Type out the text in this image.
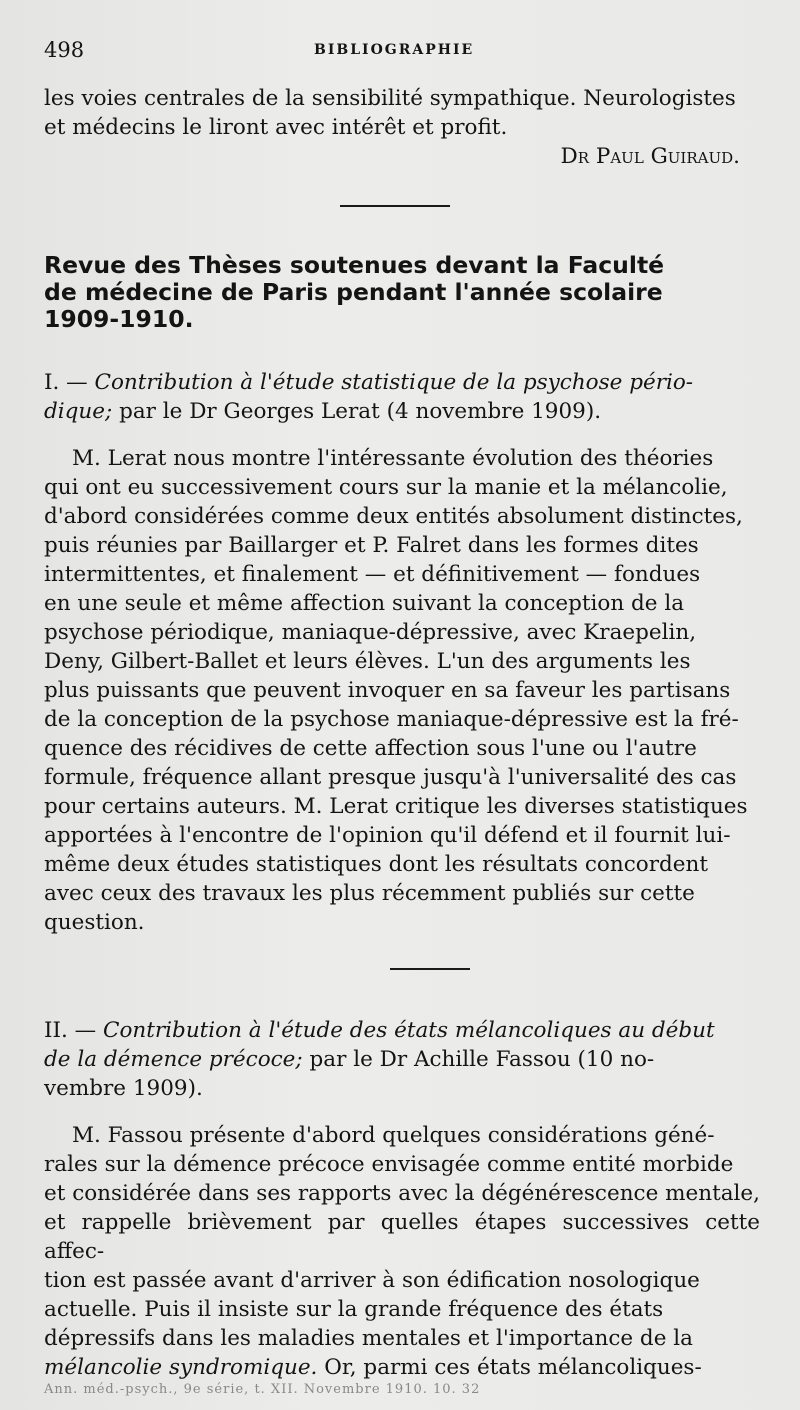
498	BIBLIOGRAPHIE

les voies centrales de la sensibilité sympathique. Neurologistes

et médecins le liront avec intérêt et profit.

Dr Paul Guiraud.

Revue des Thèses soutenues devant la Faculté

de médecine de Paris pendant l'année scolaire

1909-1910.

I. — Contribution à l'étude statistique de la psychose pério-

dique; par le Dr Georges Lerat (4 novembre 1909).

M. Lerat nous montre l'intéressante évolution des théories

qui ont eu successivement cours sur la manie et la mélancolie,

d'abord considérées comme deux entités absolument distinctes,

puis réunies par Baillarger et P. Falret dans les formes dites

intermittentes, et finalement — et définitivement — fondues

en une seule et même affection suivant la conception de la

psychose périodique, maniaque-dépressive, avec Kraepelin,

Deny, Gilbert-Ballet et leurs élèves. L'un des arguments les

plus puissants que peuvent invoquer en sa faveur les partisans

de la conception de la psychose maniaque-dépressive est la fré-

quence des récidives de cette affection sous l'une ou l'autre

formule, fréquence allant presque jusqu'à l'universalité des cas

pour certains auteurs. M. Lerat critique les diverses statistiques

apportées à l'encontre de l'opinion qu'il défend et il fournit lui-

même deux études statistiques dont les résultats concordent

avec ceux des travaux les plus récemment publiés sur cette

question.

II. — Contribution à l'étude des états mélancoliques au début

de la démence précoce; par le Dr Achille Fassou (10 no-

vembre 1909).

M. Fassou présente d'abord quelques considérations géné-

rales sur la démence précoce envisagée comme entité morbide

et considérée dans ses rapports avec la dégénérescence mentale,

et rappelle brièvement par quelles étapes successives cette affec-

tion est passée avant d'arriver à son édification nosologique

actuelle. Puis il insiste sur la grande fréquence des états

dépressifs dans les maladies mentales et l'importance de la

mélancolie syndromique. Or, parmi ces états mélancoliques-

Ann. méd.-psych., 9e série, t. XII. Novembre 1910. 10. 32
